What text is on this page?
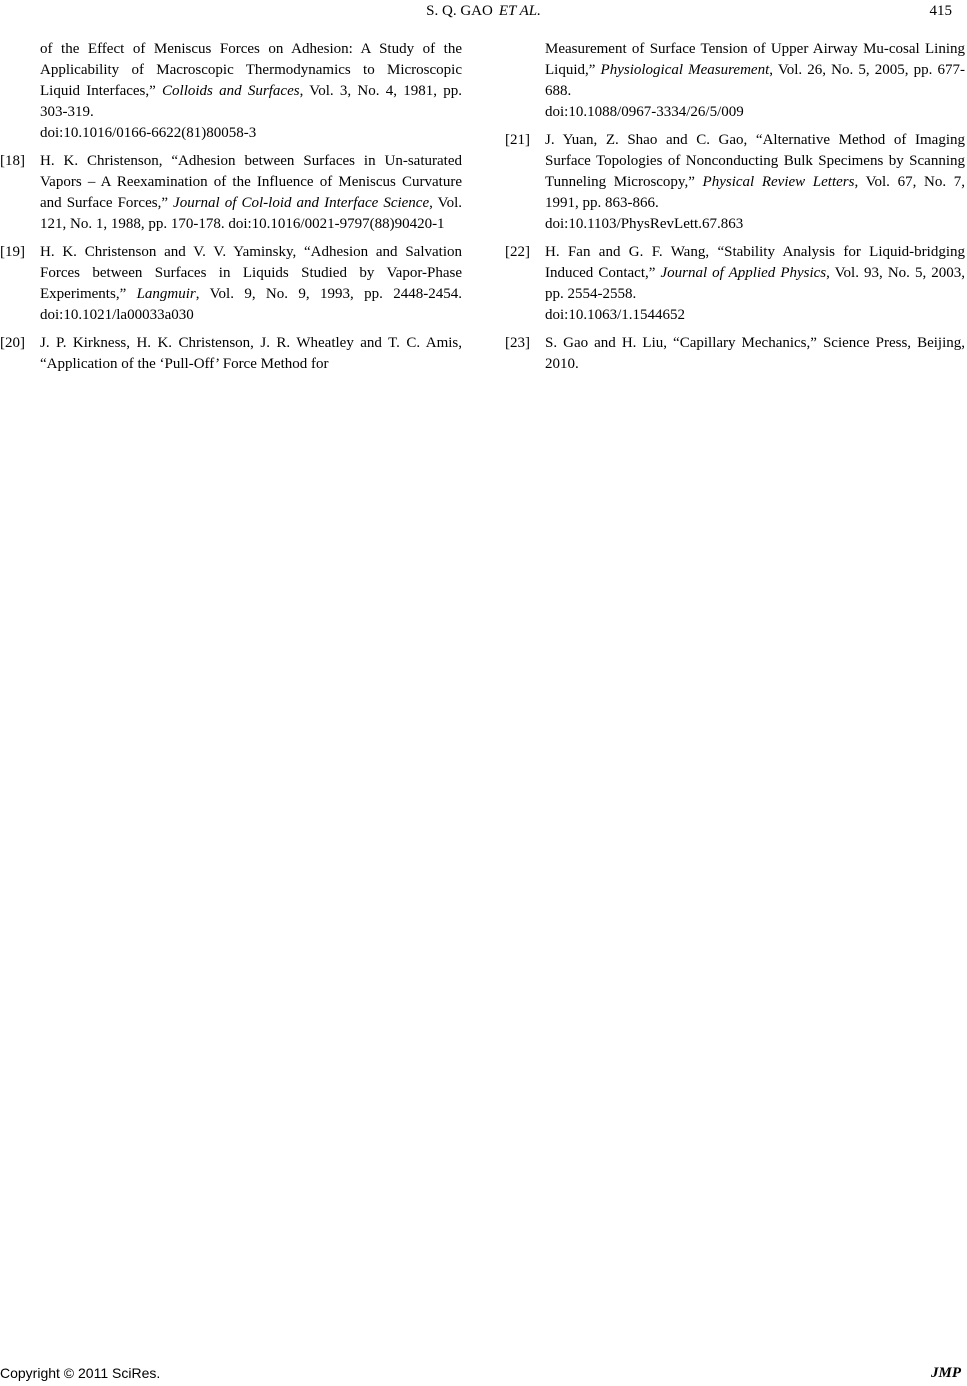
S. Q. GAO ET AL.	415
of the Effect of Meniscus Forces on Adhesion: A Study of the Applicability of Macroscopic Thermodynamics to Microscopic Liquid Interfaces,” Colloids and Surfaces, Vol. 3, No. 4, 1981, pp. 303-319.
doi:10.1016/0166-6622(81)80058-3
[18] H. K. Christenson, “Adhesion between Surfaces in Un-saturated Vapors – A Reexamination of the Influence of Meniscus Curvature and Surface Forces,” Journal of Col-loid and Interface Science, Vol. 121, No. 1, 1988, pp. 170-178. doi:10.1016/0021-9797(88)90420-1
[19] H. K. Christenson and V. V. Yaminsky, “Adhesion and Salvation Forces between Surfaces in Liquids Studied by Vapor-Phase Experiments,” Langmuir, Vol. 9, No. 9, 1993, pp. 2448-2454. doi:10.1021/la00033a030
[20] J. P. Kirkness, H. K. Christenson, J. R. Wheatley and T. C. Amis, “Application of the ‘Pull-Off’ Force Method for
Measurement of Surface Tension of Upper Airway Mu-cosal Lining Liquid,” Physiological Measurement, Vol. 26, No. 5, 2005, pp. 677-688.
doi:10.1088/0967-3334/26/5/009
[21] J. Yuan, Z. Shao and C. Gao, “Alternative Method of Imaging Surface Topologies of Nonconducting Bulk Specimens by Scanning Tunneling Microscopy,” Physical Review Letters, Vol. 67, No. 7, 1991, pp. 863-866.
doi:10.1103/PhysRevLett.67.863
[22] H. Fan and G. F. Wang, “Stability Analysis for Liquid-bridging Induced Contact,” Journal of Applied Physics, Vol. 93, No. 5, 2003, pp. 2554-2558.
doi:10.1063/1.1544652
[23] S. Gao and H. Liu, “Capillary Mechanics,” Science Press, Beijing, 2010.
Copyright © 2011 SciRes.	JMP
